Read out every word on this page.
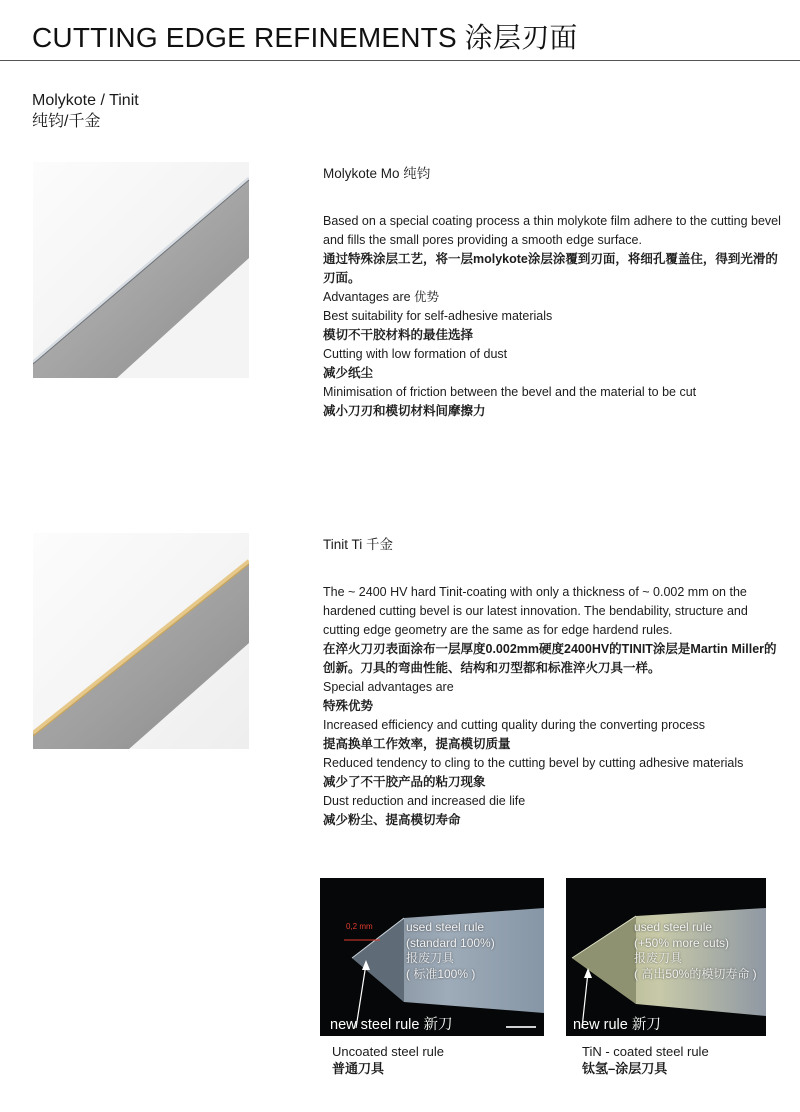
CUTTING EDGE REFINEMENTS 涂层刃面
Molykote / Tinit
纯钧/千金
Molykote Mo 纯钧

Based on a special coating process a thin molykote film adhere to the cutting bevel and fills the small pores providing a smooth edge surface.

通过特殊涂层工艺，将一层molykote涂层涂覆到刃面，将细孔覆盖住，得到光滑的刃面。

Advantages are 优势

Best suitability for self-adhesive materials

模切不干胶材料的最佳选择

Cutting with low formation of dust

减少纸尘

Minimisation of friction between the bevel and the material to be cut

减小刀刃和模切材料间摩擦力

Tinit Ti 千金

The ~ 2400 HV hard Tinit-coating with only a thickness of ~ 0.002 mm on the hardened cutting bevel is our latest innovation. The bendability, structure and cutting edge geometry are the same as for edge hardend rules.

在淬火刀刃表面涂布一层厚度0.002mm硬度2400HV的TINIT涂层是Martin Miller的创新。刀具的弯曲性能、结构和刃型都和标准淬火刀具一样。

Special advantages are

特殊优势

Increased efficiency and cutting quality during the converting process

提高换单工作效率，提高模切质量

Reduced tendency to cling to the cutting bevel by cutting adhesive materials

减少了不干胶产品的粘刀现象

Dust reduction and increased die life

减少粉尘、提高模切寿命

0,2 mm	used steel rule
(standard 100%)
报废刀具
( 标准100% )
new steel rule 新刀
Uncoated steel rule
普通刀具
used steel rule
(+50% more cuts)
报废刀具
( 高出50%的模切寿命 )
new rule 新刀
TiN - coated steel rule
钛氢–涂层刀具
